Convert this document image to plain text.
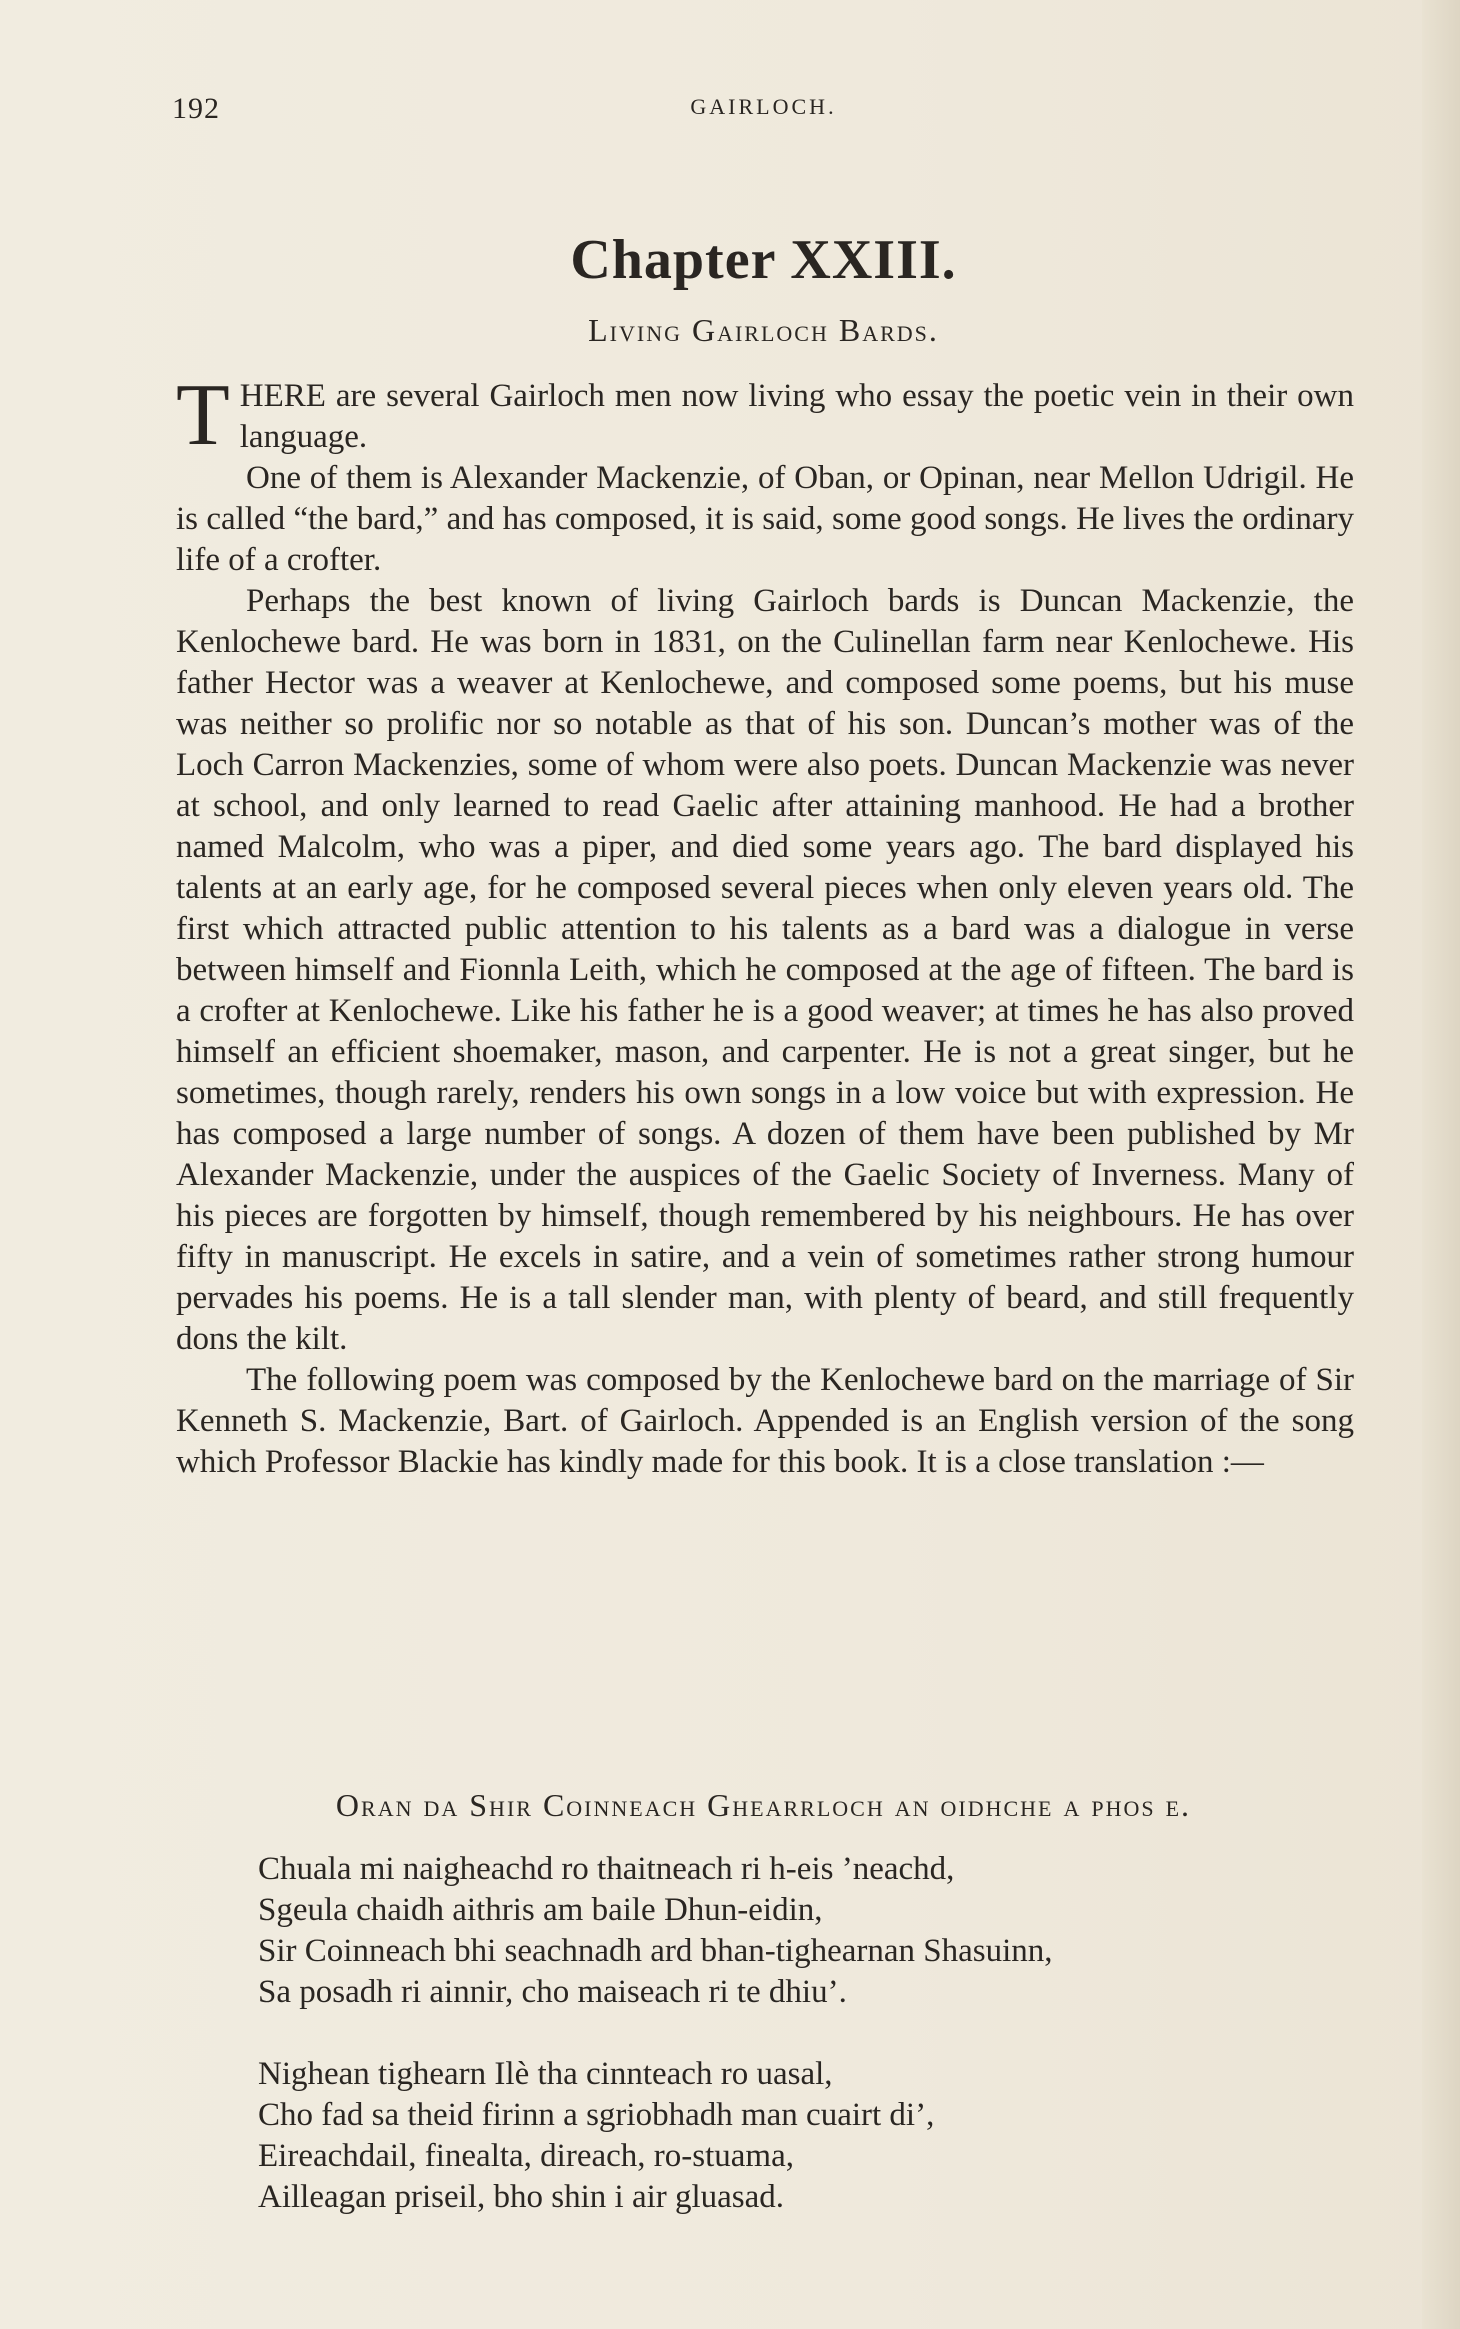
192	GAIRLOCH.
Chapter XXIII.
Living Gairloch Bards.

THERE are several Gairloch men now living who essay the poetic vein in their own language.

One of them is Alexander Mackenzie, of Oban, or Opinan, near Mellon Udrigil. He is called “the bard,” and has composed, it is said, some good songs. He lives the ordinary life of a crofter.

Perhaps the best known of living Gairloch bards is Duncan Mackenzie, the Kenlochewe bard. He was born in 1831, on the Culinellan farm near Kenlochewe. His father Hector was a weaver at Kenlochewe, and composed some poems, but his muse was neither so prolific nor so notable as that of his son. Duncan’s mother was of the Loch Carron Mackenzies, some of whom were also poets. Duncan Mackenzie was never at school, and only learned to read Gaelic after attaining manhood. He had a brother named Malcolm, who was a piper, and died some years ago. The bard displayed his talents at an early age, for he composed several pieces when only eleven years old. The first which attracted public attention to his talents as a bard was a dialogue in verse between himself and Fionnla Leith, which he composed at the age of fifteen. The bard is a crofter at Kenlochewe. Like his father he is a good weaver; at times he has also proved himself an efficient shoemaker, mason, and carpenter. He is not a great singer, but he sometimes, though rarely, renders his own songs in a low voice but with expression. He has composed a large number of songs. A dozen of them have been published by Mr Alexander Mackenzie, under the auspices of the Gaelic Society of Inverness. Many of his pieces are forgotten by himself, though remembered by his neighbours. He has over fifty in manuscript. He excels in satire, and a vein of sometimes rather strong humour pervades his poems. He is a tall slender man, with plenty of beard, and still frequently dons the kilt.

The following poem was composed by the Kenlochewe bard on the marriage of Sir Kenneth S. Mackenzie, Bart. of Gairloch. Appended is an English version of the song which Professor Blackie has kindly made for this book. It is a close translation :—

Oran da Shir Coinneach Ghearrloch an oidhche a phos e.
Chuala mi naigheachd ro thaitneach ri h-eis ’neachd,
Sgeula chaidh aithris am baile Dhun-eidin,
Sir Coinneach bhi seachnadh ard bhan-tighearnan Shasuinn,
Sa posadh ri ainnir, cho maiseach ri te dhiu’.
Nighean tighearn Ilè tha cinnteach ro uasal,
Cho fad sa theid firinn a sgriobhadh man cuairt di’,
Eireachdail, finealta, direach, ro-stuama,
Ailleagan priseil, bho shin i air gluasad.
